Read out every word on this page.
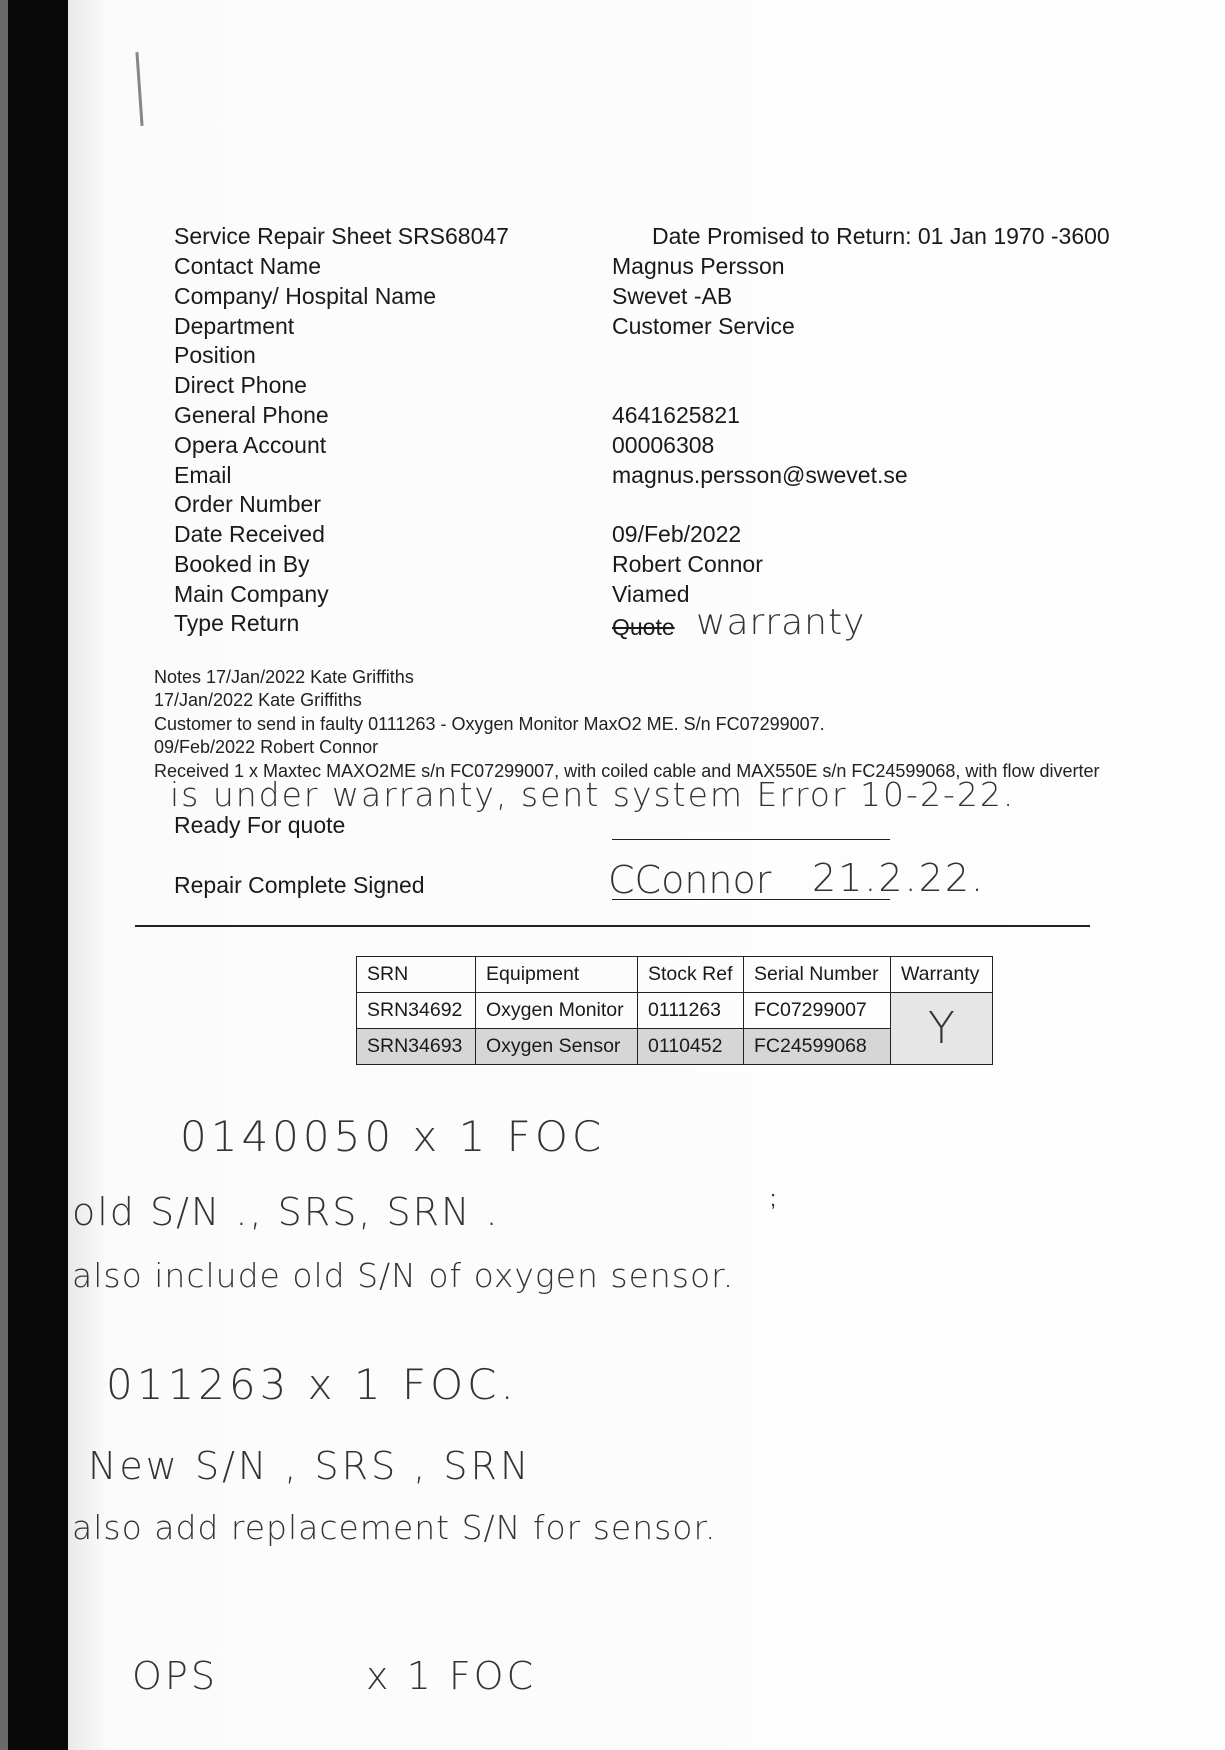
Service Repair Sheet SRS68047	Date Promised to Return: 01 Jan 1970 -3600
Contact Name	Magnus Persson
Company/ Hospital Name	Swevet -AB
Department	Customer Service
Position
Direct Phone
General Phone	4641625821
Opera Account	00006308
Email	magnus.persson@swevet.se
Order Number
Date Received	09/Feb/2022
Booked in By	Robert Connor
Main Company	Viamed
Type Return	Quote warranty
Notes 17/Jan/2022 Kate Griffiths
17/Jan/2022 Kate Griffiths
Customer to send in faulty 0111263 - Oxygen Monitor MaxO2 ME. S/n FC07299007.
09/Feb/2022 Robert Connor
Received 1 x Maxtec MAXO2ME s/n FC07299007, with coiled cable and MAX550E s/n FC24599068, with flow diverter
is under warranty, sent system Error 10-2-22.
Ready For quote
Repair Complete Signed	CConnor 21.2.22.
SRN	Equipment	Stock Ref	Serial Number	Warranty
SRN34692	Oxygen Monitor	0111263	FC07299007	Y
SRN34693	Oxygen Sensor	0110452	FC24599068	
0140050 x 1 FOC
old S/N ., SRS, SRN .	;
also include old S/N of oxygen sensor.
011263 x 1 FOC.
New S/N , SRS , SRN
also add replacement S/N for sensor.
OPS	x 1 FOC
